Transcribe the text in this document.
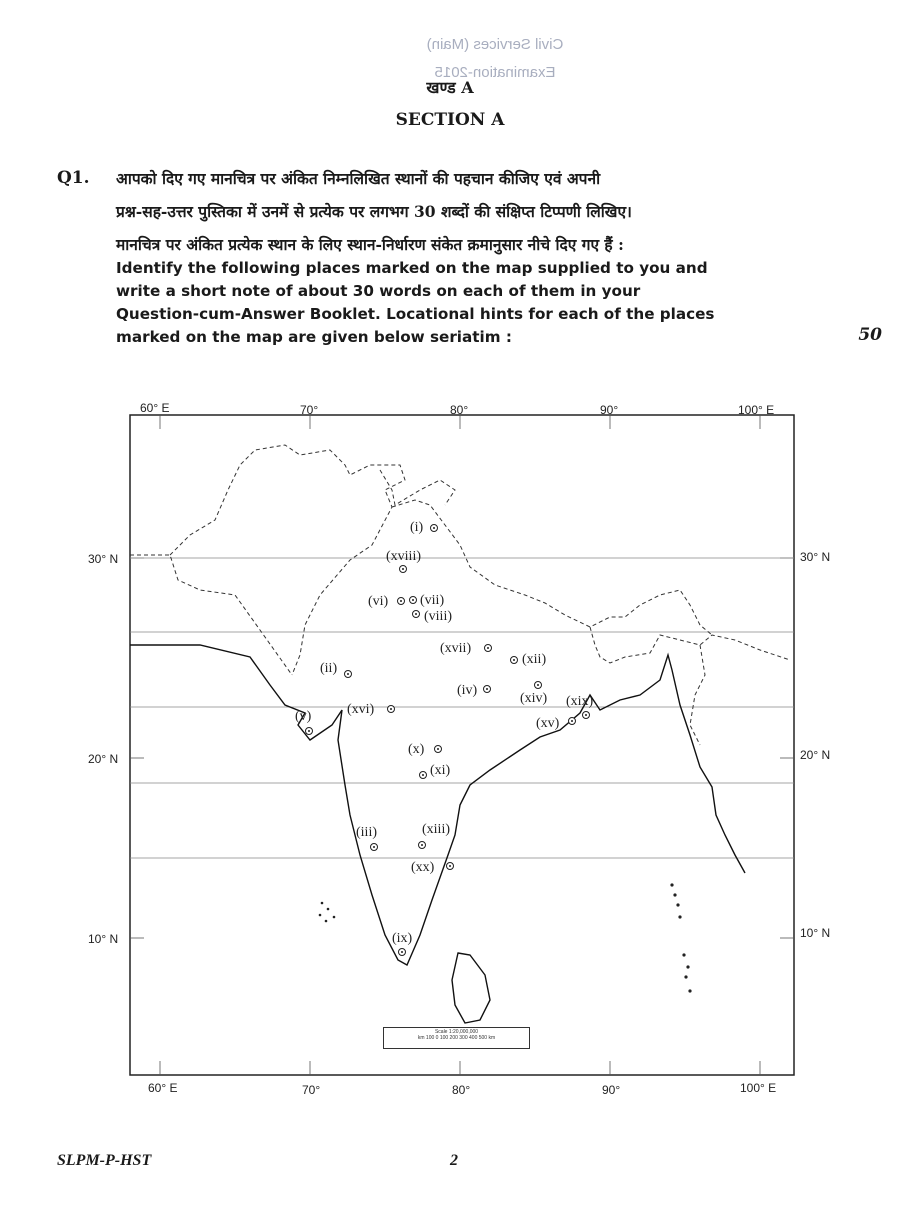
Civil Services (Main)
Examination-2015
खण्ड A
SECTION A
Q1. आपको दिए गए मानचित्र पर अंकित निम्नलिखित स्थानों की पहचान कीजिए एवं अपनी
प्रश्न-सह-उत्तर पुस्तिका में उनमें से प्रत्येक पर लगभग 30 शब्दों की संक्षिप्त टिप्पणी लिखिए।
मानचित्र पर अंकित प्रत्येक स्थान के लिए स्थान-निर्धारण संकेत क्रमानुसार नीचे दिए गए हैं :
Identify the following places marked on the map supplied to you and
write a short note of about 30 words on each of them in your
Question-cum-Answer Booklet. Locational hints for each of the places
marked on the map are given below seriatim :	50
60° E	70°	80°	90°	100° E
60° E	70°	80°	90°	100° E
30° N
20° N
10° N
30° N
20° N
10° N
(i)
(xviii)
(vi) (vii)
(viii)
(xvii)
(xii)
(ii)
(iv)
(xiv) (xix)
(xv)
(xvi)
(v)
(x)
(xi)
(iii)	(xiii)
(xx)
(ix)
Scale 1:20,000,000
km 100 0 100 200 300 400 500 km
SLPM-P-HST	2
